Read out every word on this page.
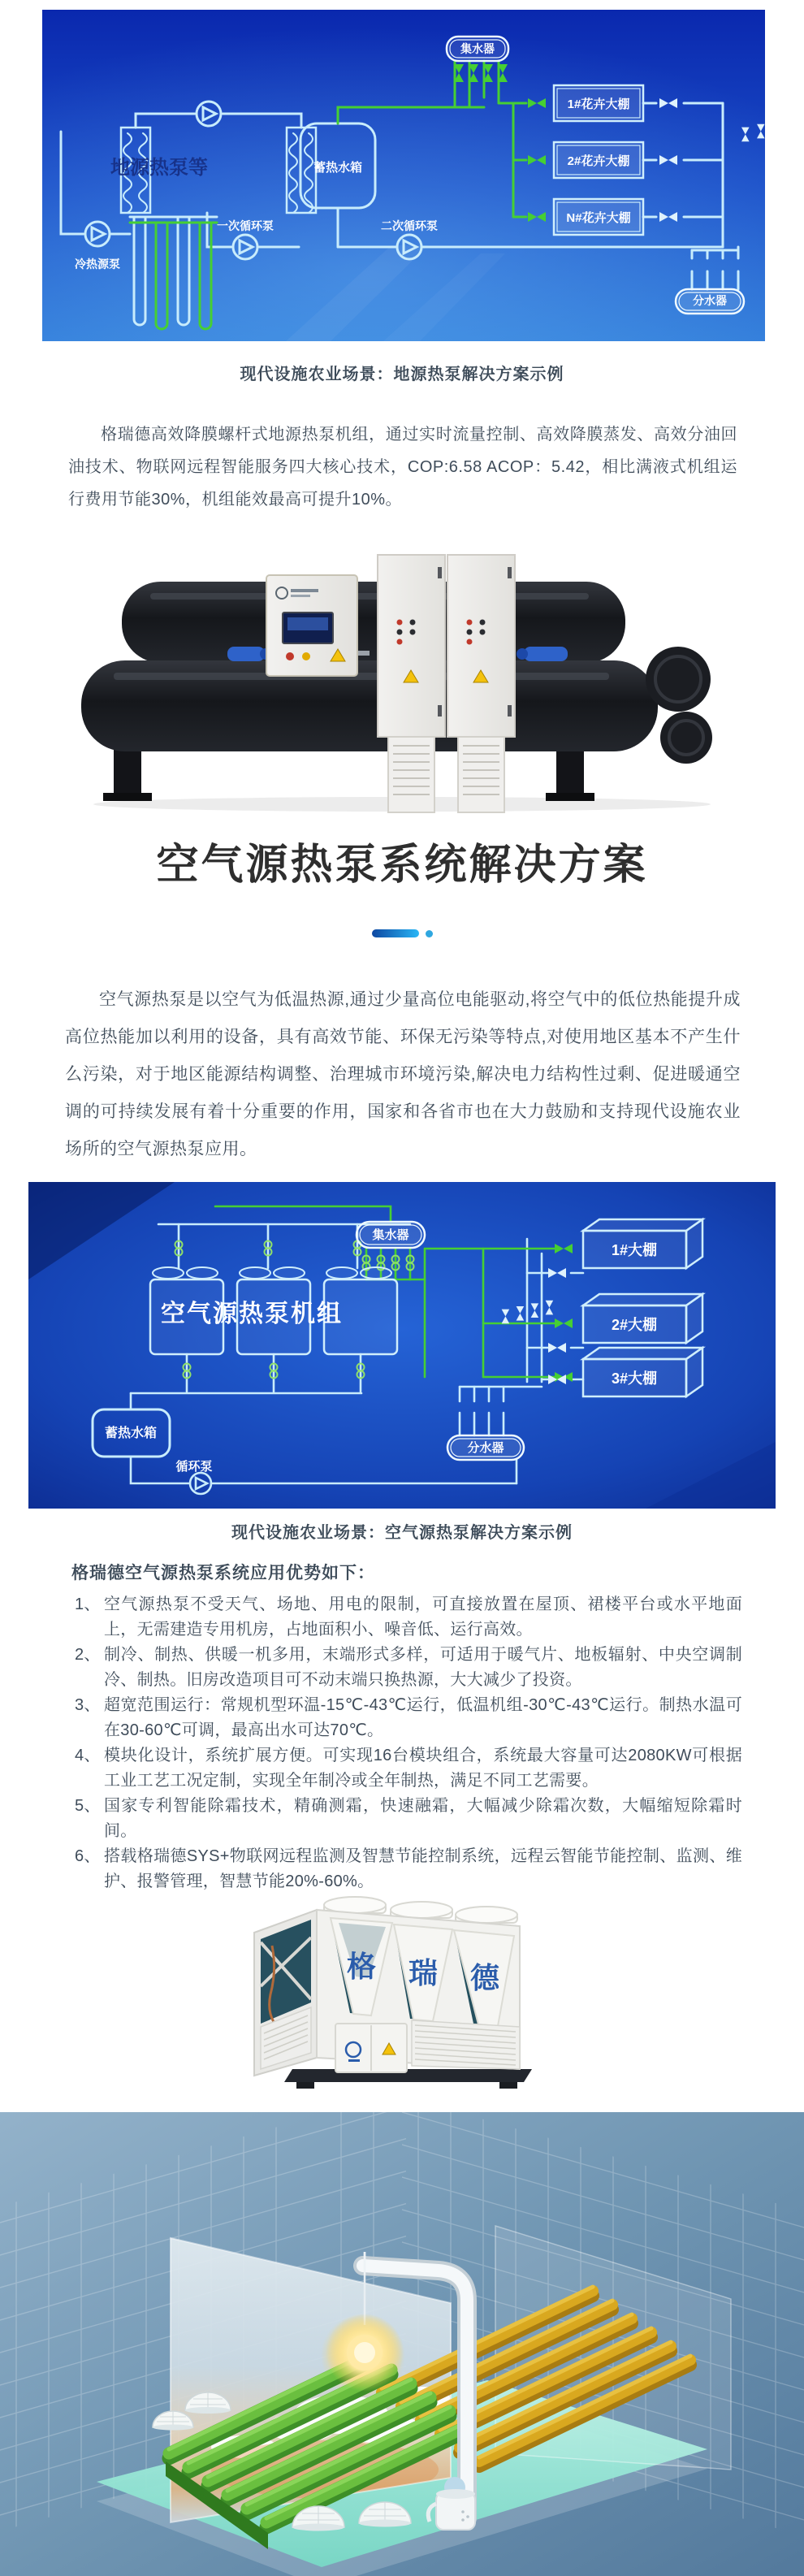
集水器
1#花卉大棚
2#花卉大棚
N#花卉大棚
蓄热水箱
一次循环泵	二次循环泵
冷热源泵
分水器
地源热泵等
现代设施农业场景：地源热泵解决方案示例
格瑞德高效降膜螺杆式地源热泵机组，通过实时流量控制、高效降膜蒸发、高效分油回油技术、物联网远程智能服务四大核心技术，COP:6.58 ACOP：5.42，相比满液式机组运行费用节能30%，机组能效最高可提升10%。
空气源热泵系统解决方案
空气源热泵是以空气为低温热源,通过少量高位电能驱动,将空气中的低位热能提升成高位热能加以利用的设备，具有高效节能、环保无污染等特点,对使用地区基本不产生什么污染，对于地区能源结构调整、治理城市环境污染,解决电力结构性过剩、促进暖通空调的可持续发展有着十分重要的作用，国家和各省市也在大力鼓励和支持现代设施农业场所的空气源热泵应用。
空气源热泵机组
集水器
1#大棚
2#大棚
3#大棚
蓄热水箱
循环泵
分水器
现代设施农业场景：空气源热泵解决方案示例
格瑞德空气源热泵系统应用优势如下：
1、 空气源热泵不受天气、场地、用电的限制，可直接放置在屋顶、裙楼平台或水平地面上，无需建造专用机房，占地面积小、噪音低、运行高效。
2、 制冷、制热、供暖一机多用，末端形式多样，可适用于暖气片、地板辐射、中央空调制冷、制热。旧房改造项目可不动末端只换热源，大大减少了投资。
3、 超宽范围运行：常规机型环温-15℃-43℃运行，低温机组-30℃-43℃运行。制热水温可在30-60℃可调，最高出水可达70℃。
4、 模块化设计，系统扩展方便。可实现16台模块组合，系统最大容量可达2080KW可根据工业工艺工况定制，实现全年制冷或全年制热，满足不同工艺需要。
5、 国家专利智能除霜技术，精确测霜，快速融霜，大幅减少除霜次数，大幅缩短除霜时间。
6、 搭载格瑞德SYS+物联网远程监测及智慧节能控制系统，远程云智能节能控制、监测、维护、报警管理，智慧节能20%-60%。
格 瑞 德
